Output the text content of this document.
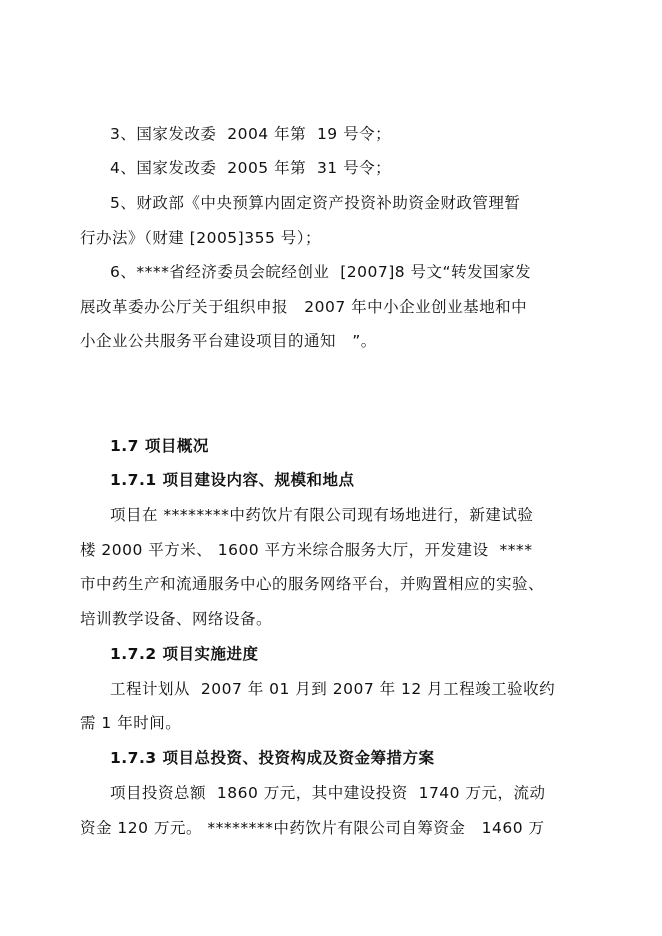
3、国家发改委  2004 年第  19 号令；
4、国家发改委  2005 年第  31 号令；
5、财政部《中央预算内固定资产投资补助资金财政管理暂
行办法》（财建 [2005]355 号）；
6、****省经济委员会皖经创业  [2007]8 号文“转发国家发
展改革委办公厅关于组织申报   2007 年中小企业创业基地和中
小企业公共服务平台建设项目的通知   ”。
1.7 项目概况
1.7.1 项目建设内容、规模和地点
项目在 ********中药饮片有限公司现有场地进行，新建试验
楼 2000 平方米、 1600 平方米综合服务大厅，开发建设  ****
市中药生产和流通服务中心的服务网络平台，并购置相应的实验、
培训教学设备、网络设备。
1.7.2 项目实施进度
工程计划从  2007 年 01 月到 2007 年 12 月工程竣工验收约
需 1 年时间。
1.7.3 项目总投资、投资构成及资金筹措方案
项目投资总额  1860 万元，其中建设投资  1740 万元，流动
资金 120 万元。 ********中药饮片有限公司自筹资金   1460 万
